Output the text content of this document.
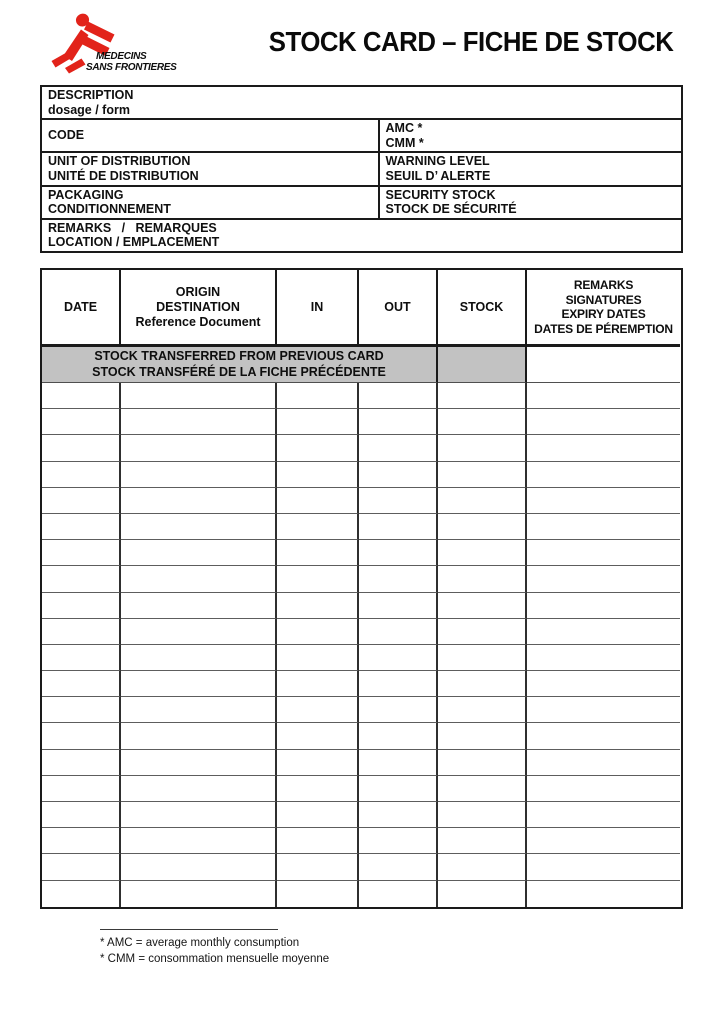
MEDECINS
SANS FRONTIERES
STOCK CARD – FICHE DE STOCK
DESCRIPTION
dosage / form
CODE
AMC *
CMM *
UNIT OF DISTRIBUTION
UNITÉ DE DISTRIBUTION
WARNING LEVEL
SEUIL D’ ALERTE
PACKAGING
CONDITIONNEMENT
SECURITY STOCK
STOCK DE SÉCURITÉ
REMARKS   /   REMARQUES
LOCATION / EMPLACEMENT
DATE
ORIGIN
DESTINATION
Reference Document
IN	OUT	STOCK
REMARKS
SIGNATURES
EXPIRY DATES
DATES DE PÉREMPTION
STOCK TRANSFERRED FROM PREVIOUS CARD
STOCK TRANSFÉRÉ DE LA FICHE PRÉCÉDENTE
* AMC = average monthly consumption
* CMM = consommation mensuelle moyenne
